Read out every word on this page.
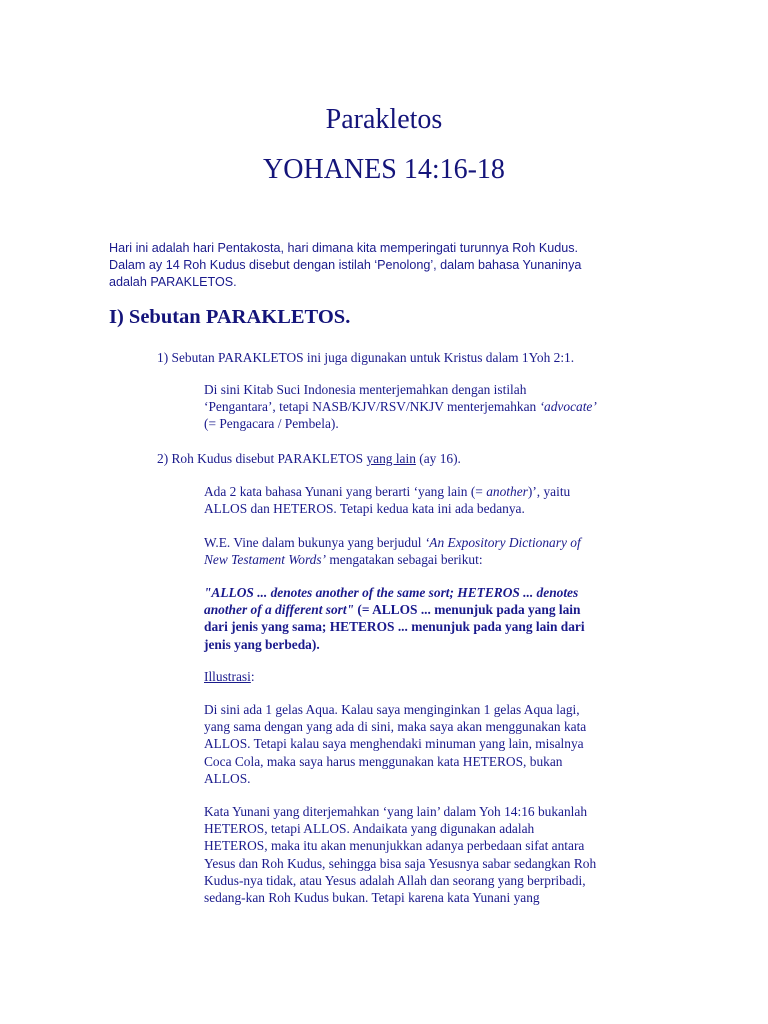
Parakletos
YOHANES 14:16-18

Hari ini adalah hari Pentakosta, hari dimana kita memperingati turunnya Roh Kudus.
Dalam ay 14 Roh Kudus disebut dengan istilah ‘Penolong’, dalam bahasa Yunaninya
adalah PARAKLETOS.

I) Sebutan PARAKLETOS.

1) Sebutan PARAKLETOS ini juga digunakan untuk Kristus dalam 1Yoh 2:1.

Di sini Kitab Suci Indonesia menterjemahkan dengan istilah
‘Pengantara’, tetapi NASB/KJV/RSV/NKJV menterjemahkan ‘advocate’
(= Pengacara / Pembela).

2) Roh Kudus disebut PARAKLETOS yang lain (ay 16).

Ada 2 kata bahasa Yunani yang berarti ‘yang lain (= another)’, yaitu
ALLOS dan HETEROS. Tetapi kedua kata ini ada bedanya.

W.E. Vine dalam bukunya yang berjudul ‘An Expository Dictionary of
New Testament Words’ mengatakan sebagai berikut:

"ALLOS ... denotes another of the same sort; HETEROS ... denotes
another of a different sort" (= ALLOS ... menunjuk pada yang lain
dari jenis yang sama; HETEROS ... menunjuk pada yang lain dari
jenis yang berbeda).

Illustrasi:

Di sini ada 1 gelas Aqua. Kalau saya menginginkan 1 gelas Aqua lagi,
yang sama dengan yang ada di sini, maka saya akan menggunakan kata
ALLOS. Tetapi kalau saya menghendaki minuman yang lain, misalnya
Coca Cola, maka saya harus menggunakan kata HETEROS, bukan
ALLOS.

Kata Yunani yang diterjemahkan ‘yang lain’ dalam Yoh 14:16 bukanlah
HETEROS, tetapi ALLOS. Andaikata yang digunakan adalah
HETEROS, maka itu akan menunjukkan adanya perbedaan sifat antara
Yesus dan Roh Kudus, sehingga bisa saja Yesusnya sabar sedangkan Roh
Kudus-nya tidak, atau Yesus adalah Allah dan seorang yang berpribadi,
sedang-kan Roh Kudus bukan. Tetapi karena kata Yunani yang
